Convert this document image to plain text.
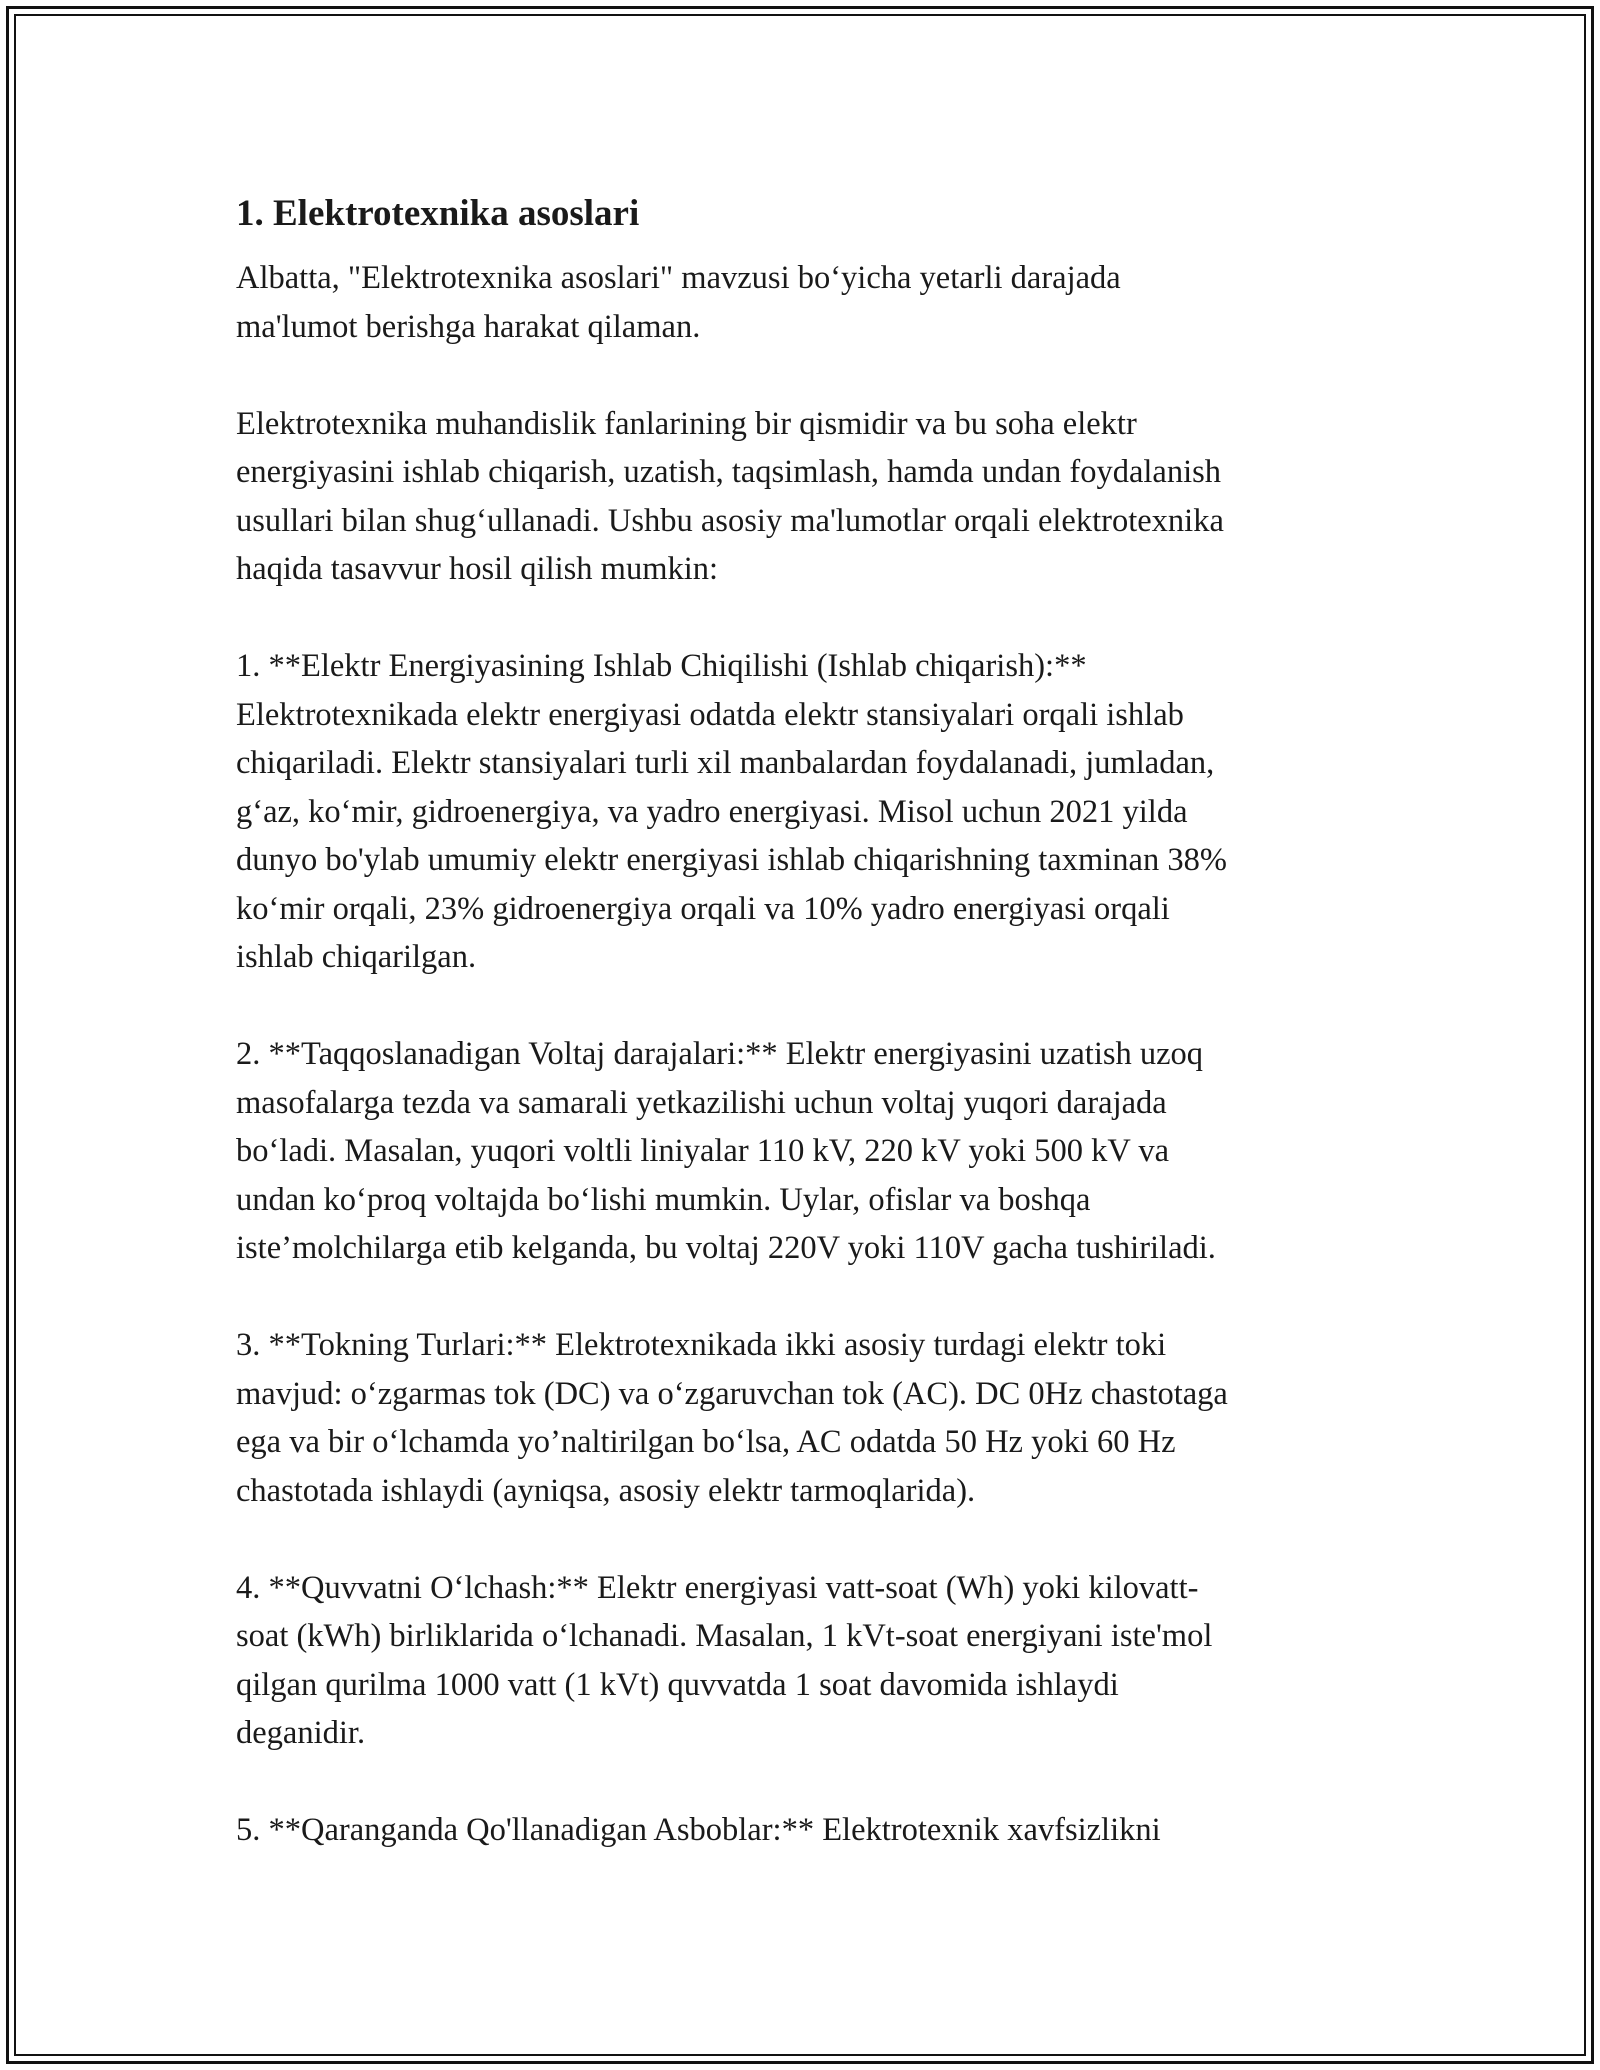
1. Elektrotexnika asoslari

Albatta, "Elektrotexnika asoslari" mavzusi bo‘yicha yetarli darajada
ma'lumot berishga harakat qilaman.

Elektrotexnika muhandislik fanlarining bir qismidir va bu soha elektr
energiyasini ishlab chiqarish, uzatish, taqsimlash, hamda undan foydalanish
usullari bilan shug‘ullanadi. Ushbu asosiy ma'lumotlar orqali elektrotexnika
haqida tasavvur hosil qilish mumkin:

1. **Elektr Energiyasining Ishlab Chiqilishi (Ishlab chiqarish):**
Elektrotexnikada elektr energiyasi odatda elektr stansiyalari orqali ishlab
chiqariladi. Elektr stansiyalari turli xil manbalardan foydalanadi, jumladan,
g‘az, ko‘mir, gidroenergiya, va yadro energiyasi. Misol uchun 2021 yilda
dunyo bo'ylab umumiy elektr energiyasi ishlab chiqarishning taxminan 38%
ko‘mir orqali, 23% gidroenergiya orqali va 10% yadro energiyasi orqali
ishlab chiqarilgan.

2. **Taqqoslanadigan Voltaj darajalari:** Elektr energiyasini uzatish uzoq
masofalarga tezda va samarali yetkazilishi uchun voltaj yuqori darajada
bo‘ladi. Masalan, yuqori voltli liniyalar 110 kV, 220 kV yoki 500 kV va
undan ko‘proq voltajda bo‘lishi mumkin. Uylar, ofislar va boshqa
iste’molchilarga etib kelganda, bu voltaj 220V yoki 110V gacha tushiriladi.

3. **Tokning Turlari:** Elektrotexnikada ikki asosiy turdagi elektr toki
mavjud: o‘zgarmas tok (DC) va o‘zgaruvchan tok (AC). DC 0Hz chastotaga
ega va bir o‘lchamda yo’naltirilgan bo‘lsa, AC odatda 50 Hz yoki 60 Hz
chastotada ishlaydi (ayniqsa, asosiy elektr tarmoqlarida).

4. **Quvvatni O‘lchash:** Elektr energiyasi vatt-soat (Wh) yoki kilovatt-
soat (kWh) birliklarida o‘lchanadi. Masalan, 1 kVt-soat energiyani iste'mol
qilgan qurilma 1000 vatt (1 kVt) quvvatda 1 soat davomida ishlaydi
deganidir.

5. **Qaranganda Qo'llanadigan Asboblar:** Elektrotexnik xavfsizlikni
